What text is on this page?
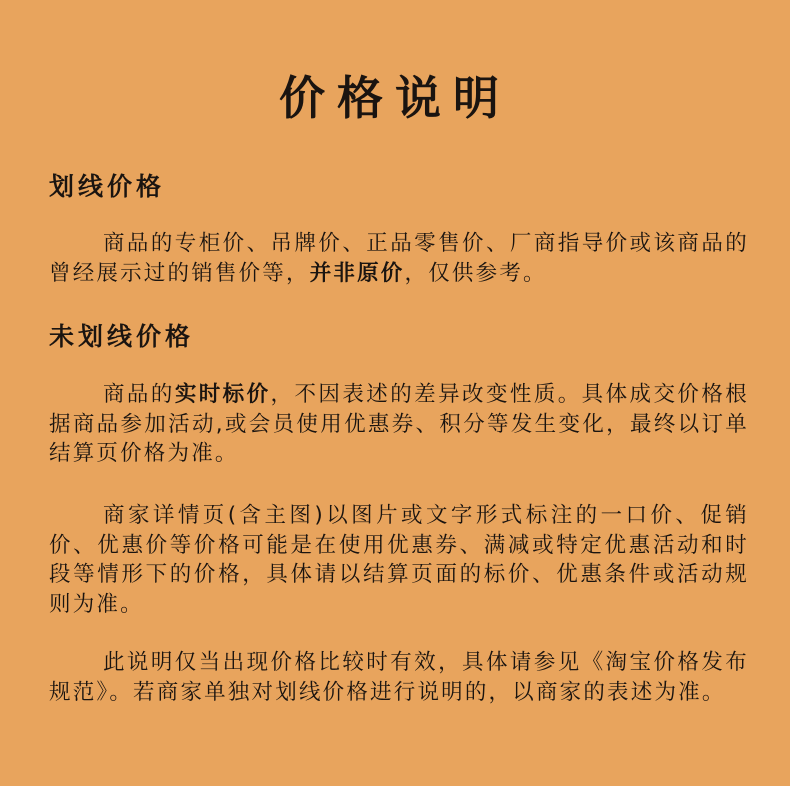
价格说明
划线价格

商品的专柜价、吊牌价、正品零售价、厂商指导价或该商品的曾经展示过的销售价等，并非原价，仅供参考。

未划线价格

商品的实时标价，不因表述的差异改变性质。具体成交价格根据商品参加活动,或会员使用优惠券、积分等发生变化，最终以订单结算页价格为准。

商家详情页(含主图)以图片或文字形式标注的一口价、促销价、优惠价等价格可能是在使用优惠券、满减或特定优惠活动和时段等情形下的价格，具体请以结算页面的标价、优惠条件或活动规则为准。

此说明仅当出现价格比较时有效，具体请参见《淘宝价格发布规范》。若商家单独对划线价格进行说明的，以商家的表述为准。
